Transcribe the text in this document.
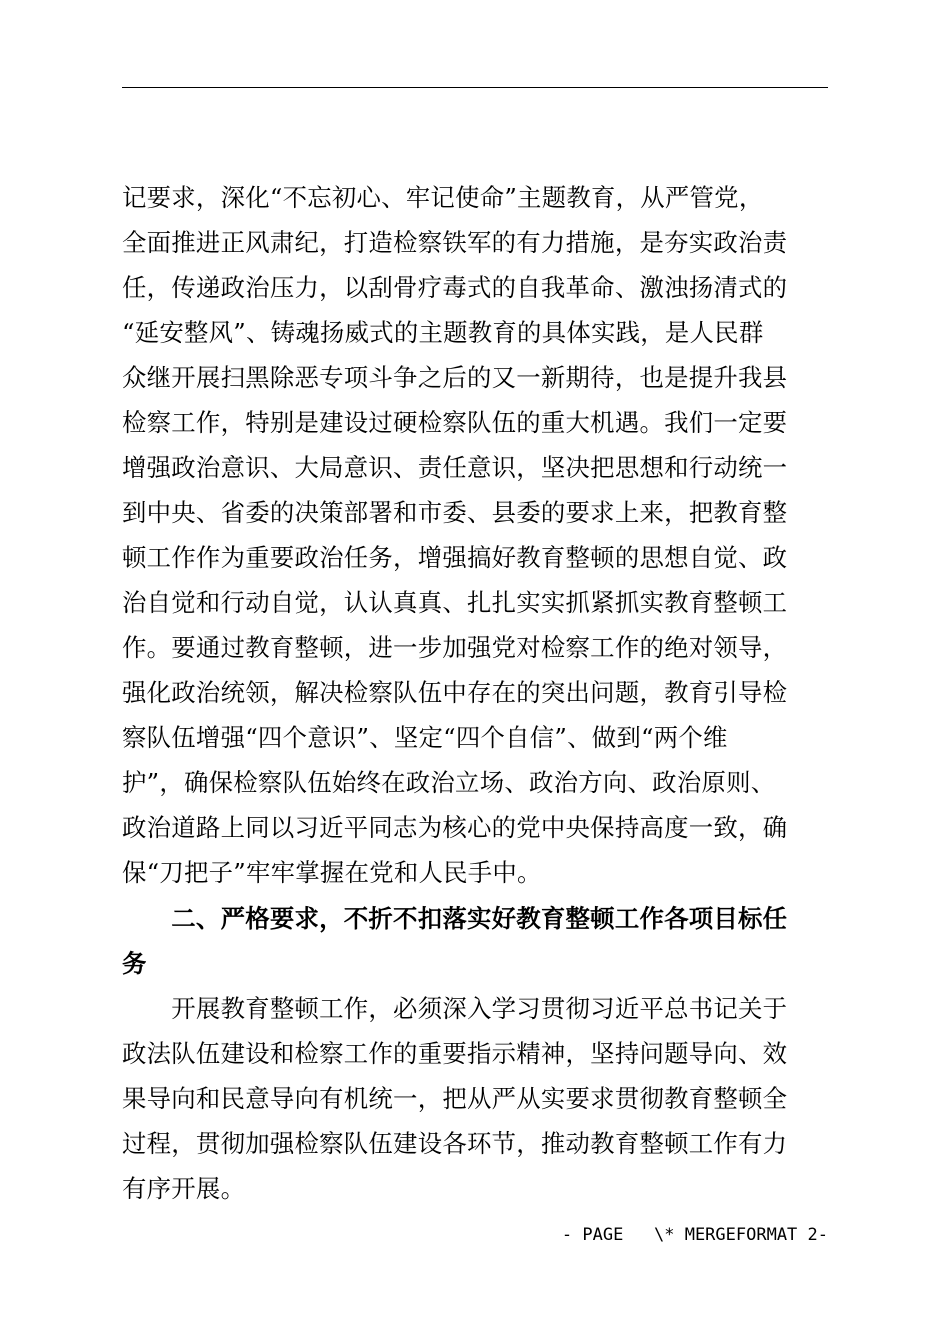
记要求，深化“不忘初心、牢记使命”主题教育，从严管党，
全面推进正风肃纪，打造检察铁军的有力措施，是夯实政治责
任，传递政治压力，以刮骨疗毒式的自我革命、激浊扬清式的
“延安整风”、铸魂扬威式的主题教育的具体实践，是人民群
众继开展扫黑除恶专项斗争之后的又一新期待，也是提升我县
检察工作，特别是建设过硬检察队伍的重大机遇。我们一定要
增强政治意识、大局意识、责任意识，坚决把思想和行动统一
到中央、省委的决策部署和市委、县委的要求上来，把教育整
顿工作作为重要政治任务，增强搞好教育整顿的思想自觉、政
治自觉和行动自觉，认认真真、扎扎实实抓紧抓实教育整顿工
作。要通过教育整顿，进一步加强党对检察工作的绝对领导，
强化政治统领，解决检察队伍中存在的突出问题，教育引导检
察队伍增强“四个意识”、坚定“四个自信”、做到“两个维
护”，确保检察队伍始终在政治立场、政治方向、政治原则、
政治道路上同以习近平同志为核心的党中央保持高度一致，确
保“刀把子”牢牢掌握在党和人民手中。
　　二、严格要求，不折不扣落实好教育整顿工作各项目标任
务
　　开展教育整顿工作，必须深入学习贯彻习近平总书记关于
政法队伍建设和检察工作的重要指示精神，坚持问题导向、效
果导向和民意导向有机统一，把从严从实要求贯彻教育整顿全
过程，贯彻加强检察队伍建设各环节，推动教育整顿工作有力
有序开展。
- PAGE   \* MERGEFORMAT 2-
